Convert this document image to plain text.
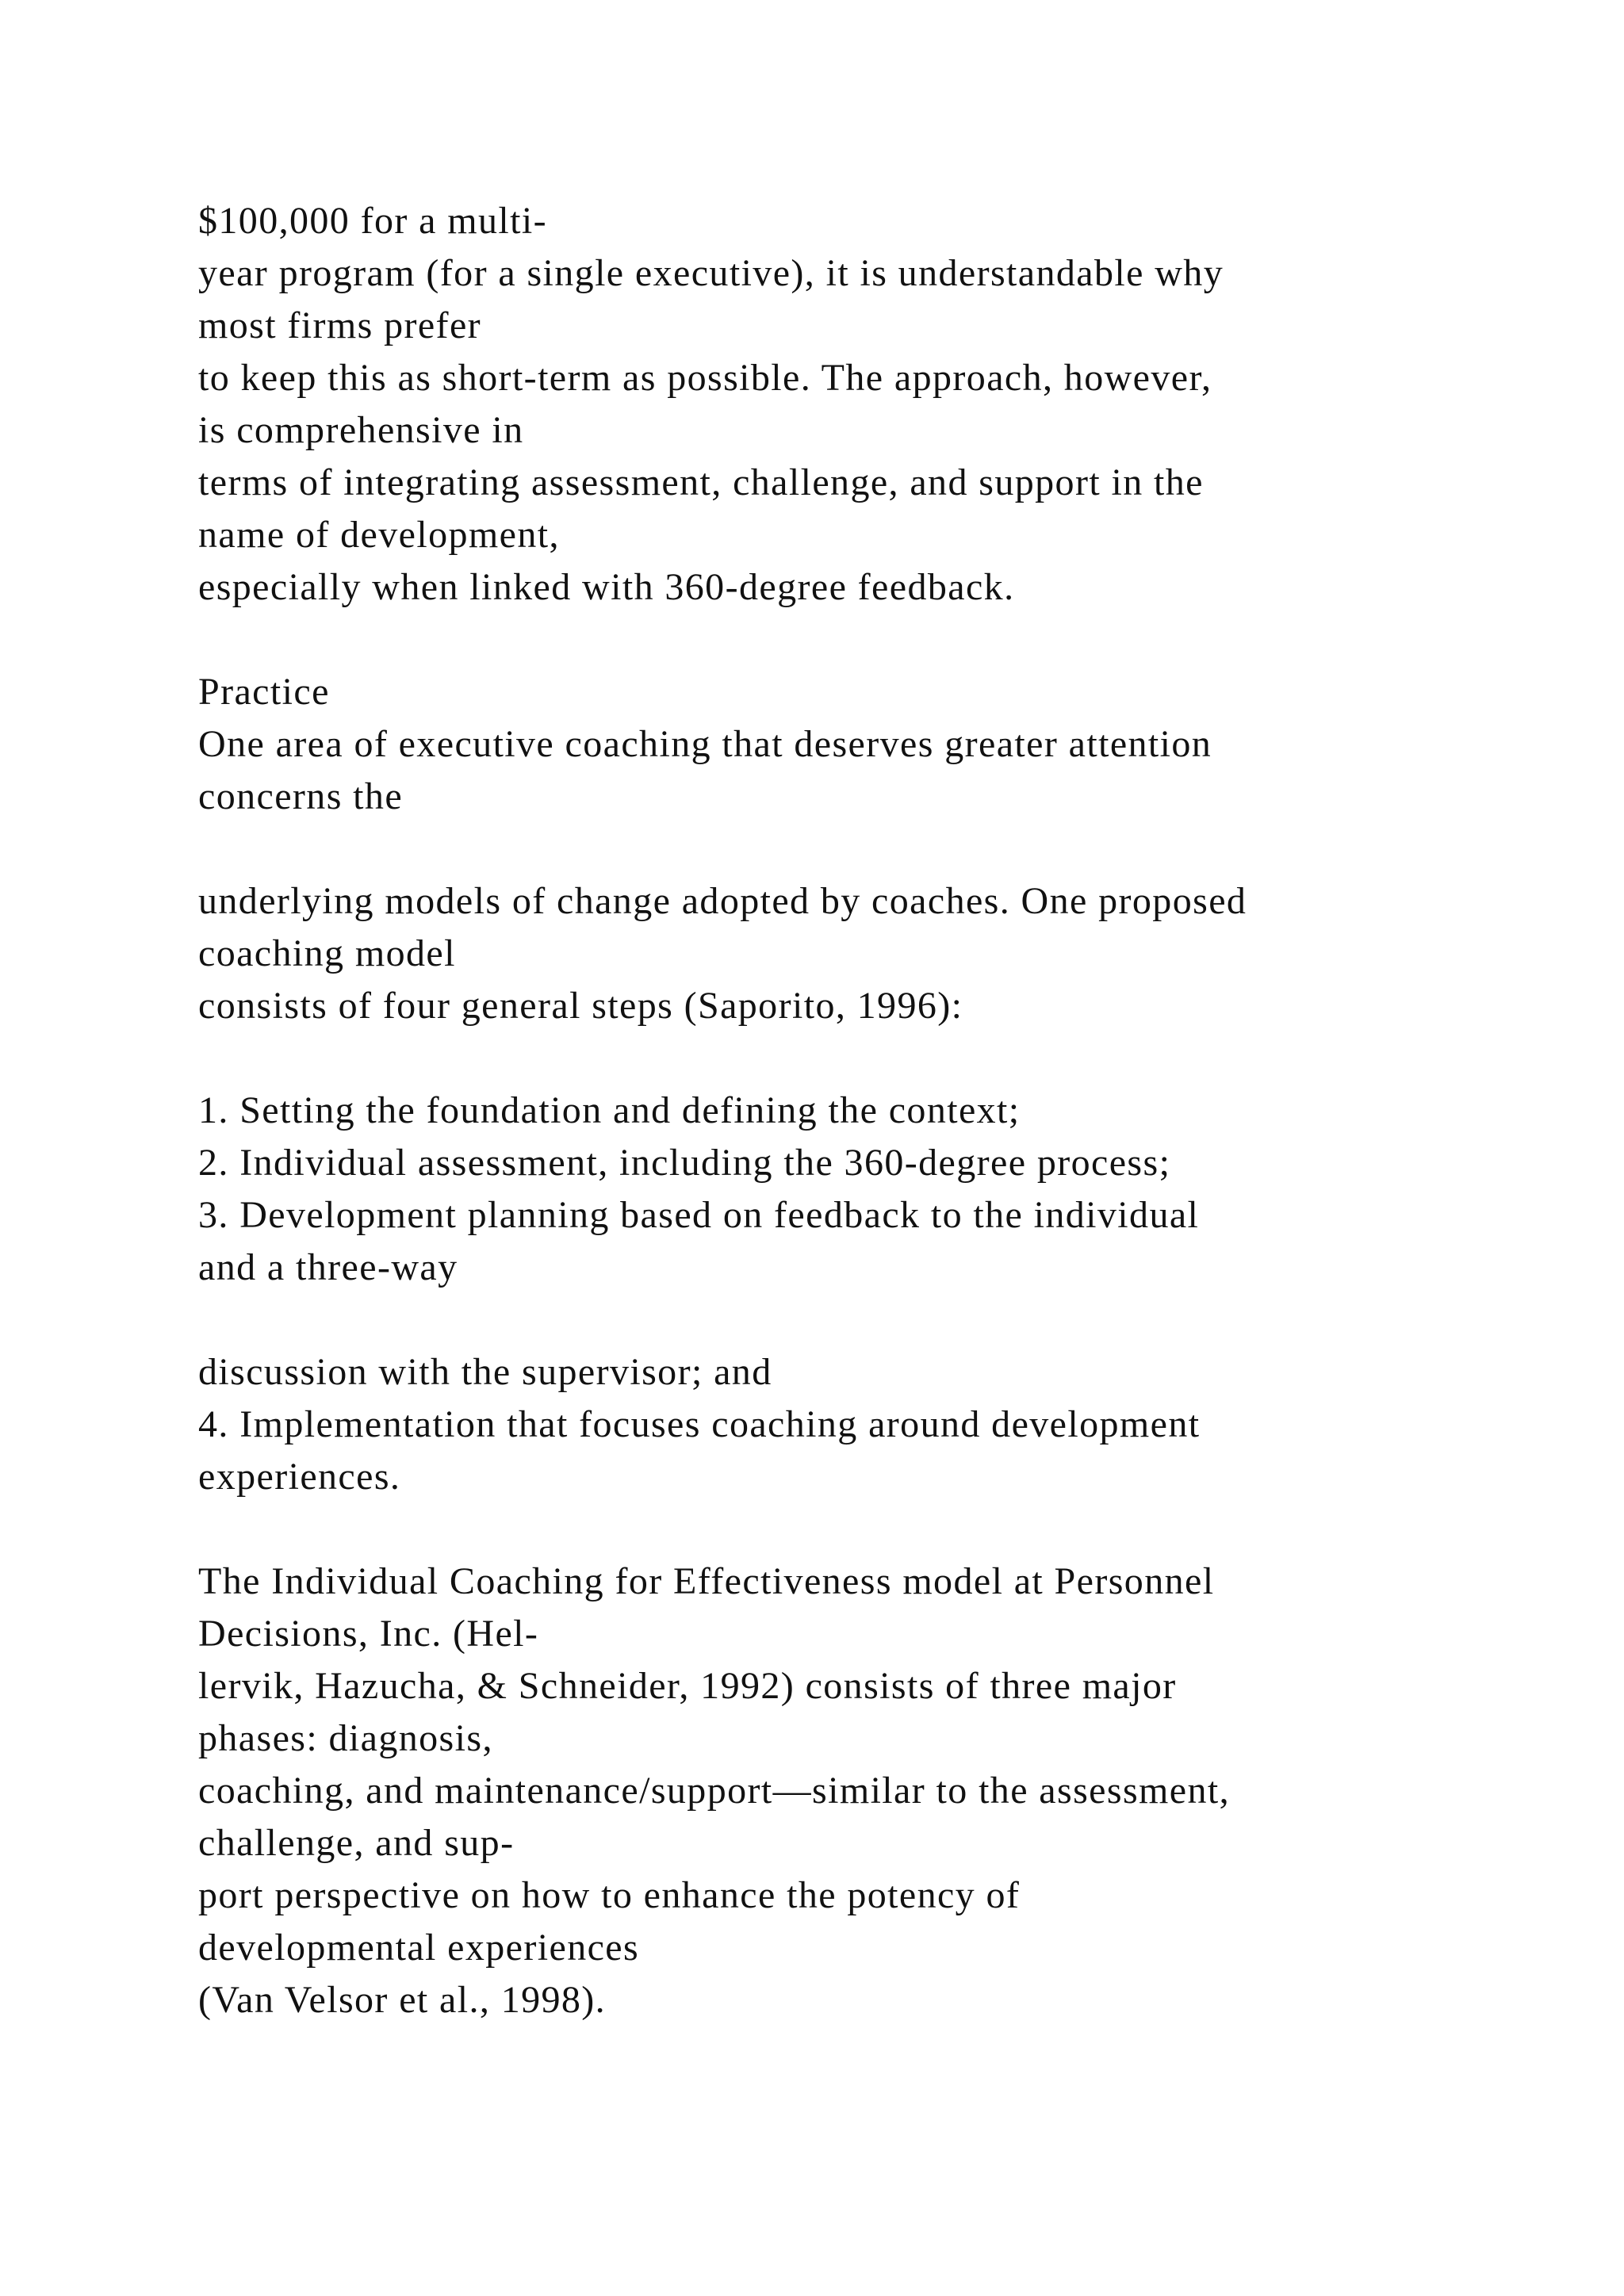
$100,000 for a multi-
year program (for a single executive), it is understandable why
most firms prefer
to keep this as short-term as possible. The approach, however,
is comprehensive in
terms of integrating assessment, challenge, and support in the
name of development,
especially when linked with 360-degree feedback.
Practice
One area of executive coaching that deserves greater attention
concerns the
underlying models of change adopted by coaches. One proposed
coaching model
consists of four general steps (Saporito, 1996):
1. Setting the foundation and defining the context;
2. Individual assessment, including the 360-degree process;
3. Development planning based on feedback to the individual
and a three-way
discussion with the supervisor; and
4. Implementation that focuses coaching around development
experiences.
The Individual Coaching for Effectiveness model at Personnel
Decisions, Inc. (Hel-
lervik, Hazucha, & Schneider, 1992) consists of three major
phases: diagnosis,
coaching, and maintenance/support—similar to the assessment,
challenge, and sup-
port perspective on how to enhance the potency of
developmental experiences
(Van Velsor et al., 1998).
